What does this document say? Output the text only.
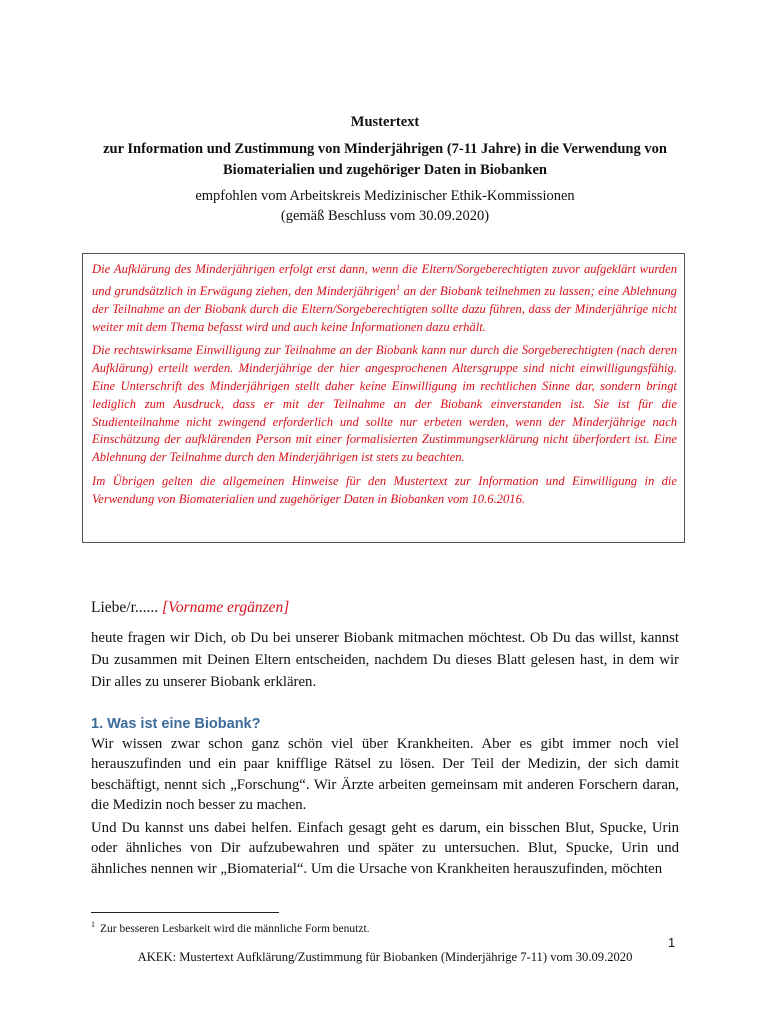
Mustertext
zur Information und Zustimmung von Minderjährigen (7-11 Jahre) in die Verwendung von Biomaterialien und zugehöriger Daten in Biobanken
empfohlen vom Arbeitskreis Medizinischer Ethik-Kommissionen
(gemäß Beschluss vom 30.09.2020)

Die Aufklärung des Minderjährigen erfolgt erst dann, wenn die Eltern/Sorgeberechtigten zuvor aufgeklärt wurden und grundsätzlich in Erwägung ziehen, den Minderjährigen$^1$ an der Biobank teilnehmen zu lassen; eine Ablehnung der Teilnahme an der Biobank durch die Eltern/Sorgeberechtigten sollte dazu führen, dass der Minderjährige nicht weiter mit dem Thema befasst wird und auch keine Informationen dazu erhält.

Die rechtswirksame Einwilligung zur Teilnahme an der Biobank kann nur durch die Sorgeberechtigten (nach deren Aufklärung) erteilt werden. Minderjährige der hier angesprochenen Altersgruppe sind nicht einwilligungsfähig. Eine Unterschrift des Minderjährigen stellt daher keine Einwilligung im rechtlichen Sinne dar, sondern bringt lediglich zum Ausdruck, dass er mit der Teilnahme an der Biobank einverstanden ist. Sie ist für die Studienteilnahme nicht zwingend erforderlich und sollte nur erbeten werden, wenn der Minderjährige nach Einschätzung der aufklärenden Person mit einer formalisierten Zustimmungserklärung nicht überfordert ist. Eine Ablehnung der Teilnahme durch den Minderjährigen ist stets zu beachten.

Im Übrigen gelten die allgemeinen Hinweise für den Mustertext zur Information und Einwilligung in die Verwendung von Biomaterialien und zugehöriger Daten in Biobanken vom 10.6.2016.

Liebe/r...... [Vorname ergänzen]

heute fragen wir Dich, ob Du bei unserer Biobank mitmachen möchtest. Ob Du das willst, kannst Du zusammen mit Deinen Eltern entscheiden, nachdem Du dieses Blatt gelesen hast, in dem wir Dir alles zu unserer Biobank erklären.

1. Was ist eine Biobank?

Wir wissen zwar schon ganz schön viel über Krankheiten. Aber es gibt immer noch viel herauszufinden und ein paar knifflige Rätsel zu lösen. Der Teil der Medizin, der sich damit beschäftigt, nennt sich „Forschung“. Wir Ärzte arbeiten gemeinsam mit anderen Forschern daran, die Medizin noch besser zu machen.

Und Du kannst uns dabei helfen. Einfach gesagt geht es darum, ein bisschen Blut, Spucke, Urin oder ähnliches von Dir aufzubewahren und später zu untersuchen. Blut, Spucke, Urin und ähnliches nennen wir „Biomaterial“. Um die Ursache von Krankheiten herauszufinden, möchten

$^1$ Zur besseren Lesbarkeit wird die männliche Form benutzt.
1
AKEK: Mustertext Aufklärung/Zustimmung für Biobanken (Minderjährige 7-11) vom 30.09.2020
